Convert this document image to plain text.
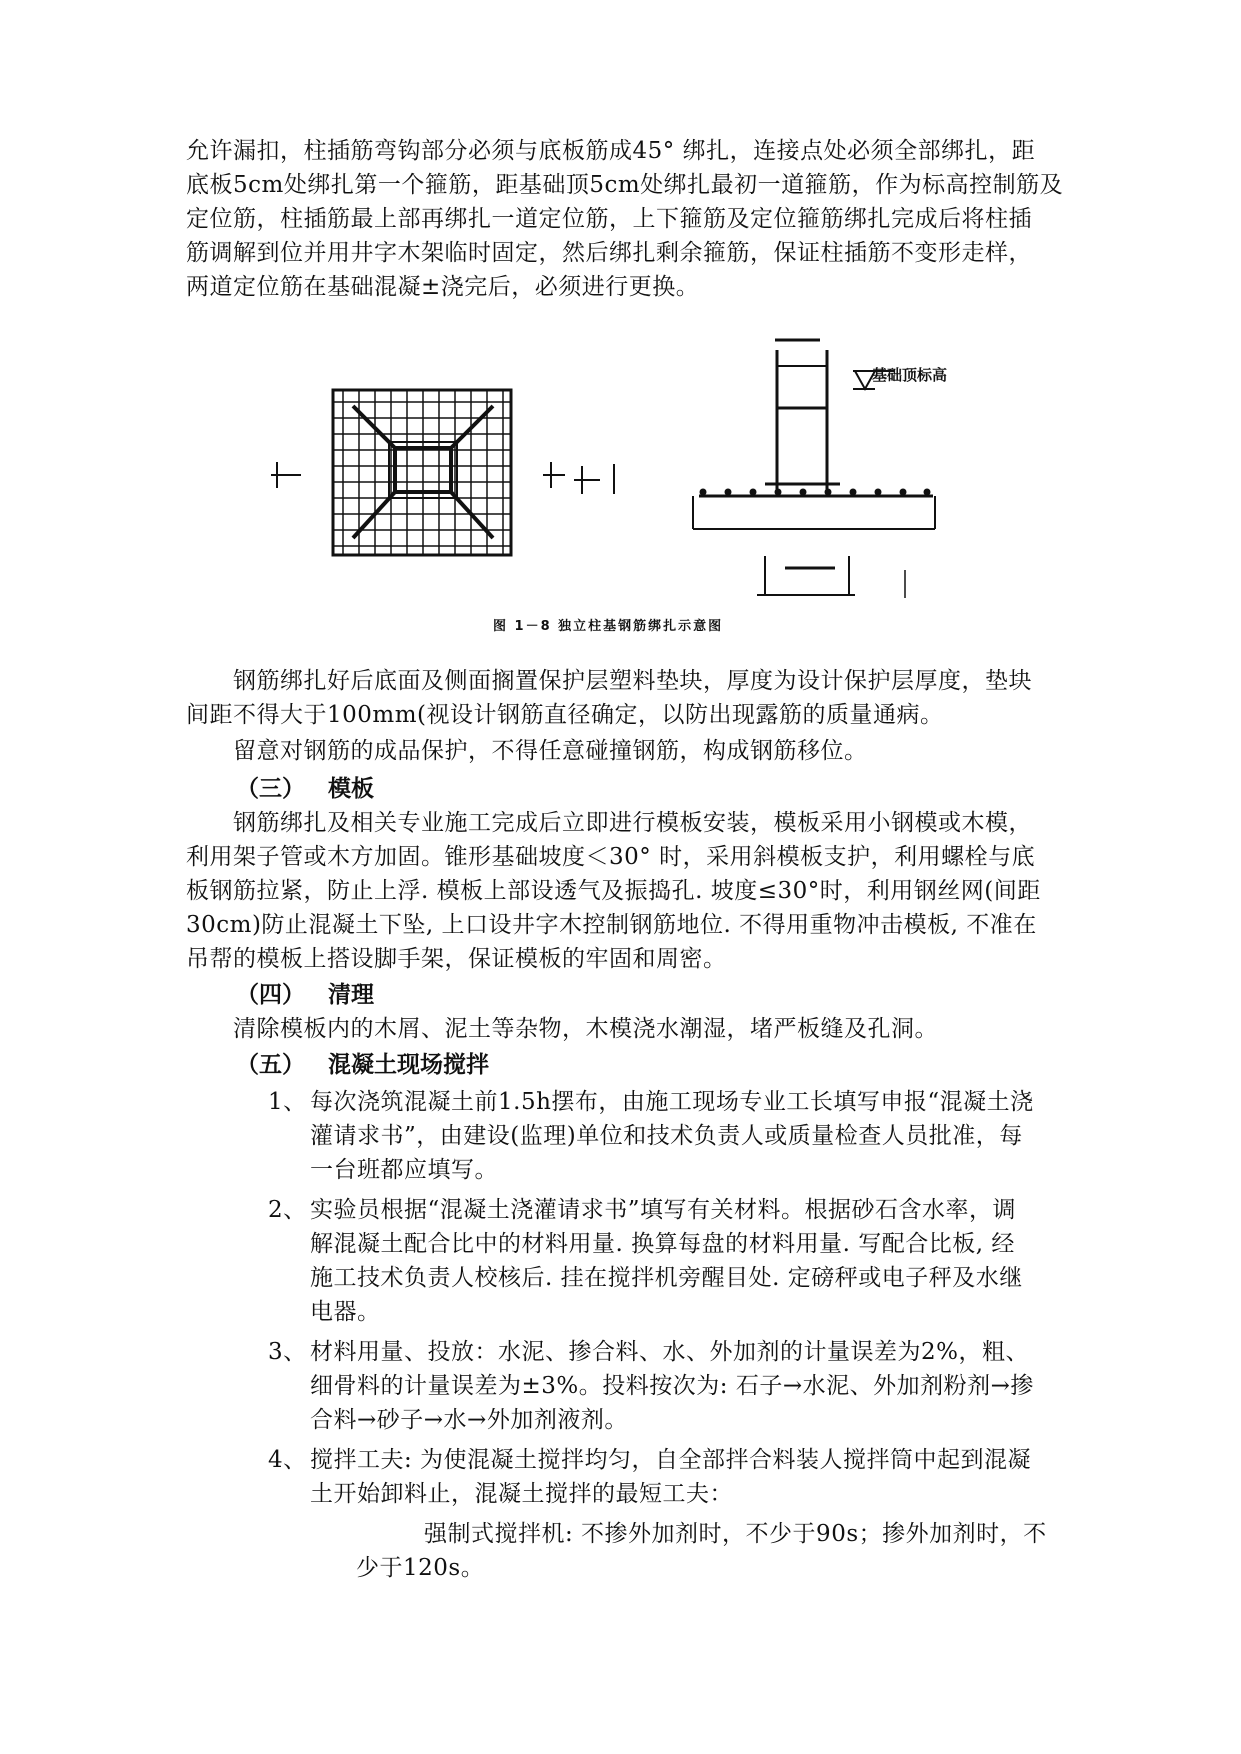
允许漏扣，柱插筋弯钩部分必须与底板筋成45° 绑扎，连接点处必须全部绑扎，距
底板5cm处绑扎第一个箍筋，距基础顶5cm处绑扎最初一道箍筋，作为标高控制筋及
定位筋，柱插筋最上部再绑扎一道定位筋，上下箍筋及定位箍筋绑扎完成后将柱插
筋调解到位并用井字木架临时固定，然后绑扎剩余箍筋，保证柱插筋不变形走样，
两道定位筋在基础混凝±浇完后，必须进行更换。
基础顶标高
图 1－8 独立柱基钢筋绑扎示意图
钢筋绑扎好后底面及侧面搁置保护层塑料垫块，厚度为设计保护层厚度，垫块
间距不得大于100mm(视设计钢筋直径确定，以防出现露筋的质量通病。
留意对钢筋的成品保护，不得任意碰撞钢筋，构成钢筋移位。
（三） 模板
钢筋绑扎及相关专业施工完成后立即进行模板安装，模板采用小钢模或木模，
利用架子管或木方加固。锥形基础坡度＜30° 时，采用斜模板支护，利用螺栓与底
板钢筋拉紧，防止上浮. 模板上部设透气及振捣孔. 坡度≤30°时，利用钢丝网(间距
30cm)防止混凝土下坠, 上口设井字木控制钢筋地位. 不得用重物冲击模板, 不准在
吊帮的模板上搭设脚手架，保证模板的牢固和周密。
（四） 清理
清除模板内的木屑、泥土等杂物，木模浇水潮湿，堵严板缝及孔洞。
（五） 混凝土现场搅拌
1、 每次浇筑混凝土前1.5h摆布，由施工现场专业工长填写申报“混凝土浇
灌请求书”，由建设(监理)单位和技术负责人或质量检查人员批准，每
一台班都应填写。
2、 实验员根据“混凝土浇灌请求书”填写有关材料。根据砂石含水率，调
解混凝土配合比中的材料用量. 换算每盘的材料用量. 写配合比板, 经
施工技术负责人校核后. 挂在搅拌机旁醒目处. 定磅秤或电子秤及水继
电器。
3、 材料用量、投放：水泥、掺合料、水、外加剂的计量误差为2%，粗、
细骨料的计量误差为±3%。投料按次为: 石子→水泥、外加剂粉剂→掺
合料→砂子→水→外加剂液剂。
4、 搅拌工夫: 为使混凝土搅拌均匀，自全部拌合料装人搅拌筒中起到混凝
土开始卸料止，混凝土搅拌的最短工夫：
强制式搅拌机: 不掺外加剂时，不少于90s；掺外加剂时，不
少于120s。
